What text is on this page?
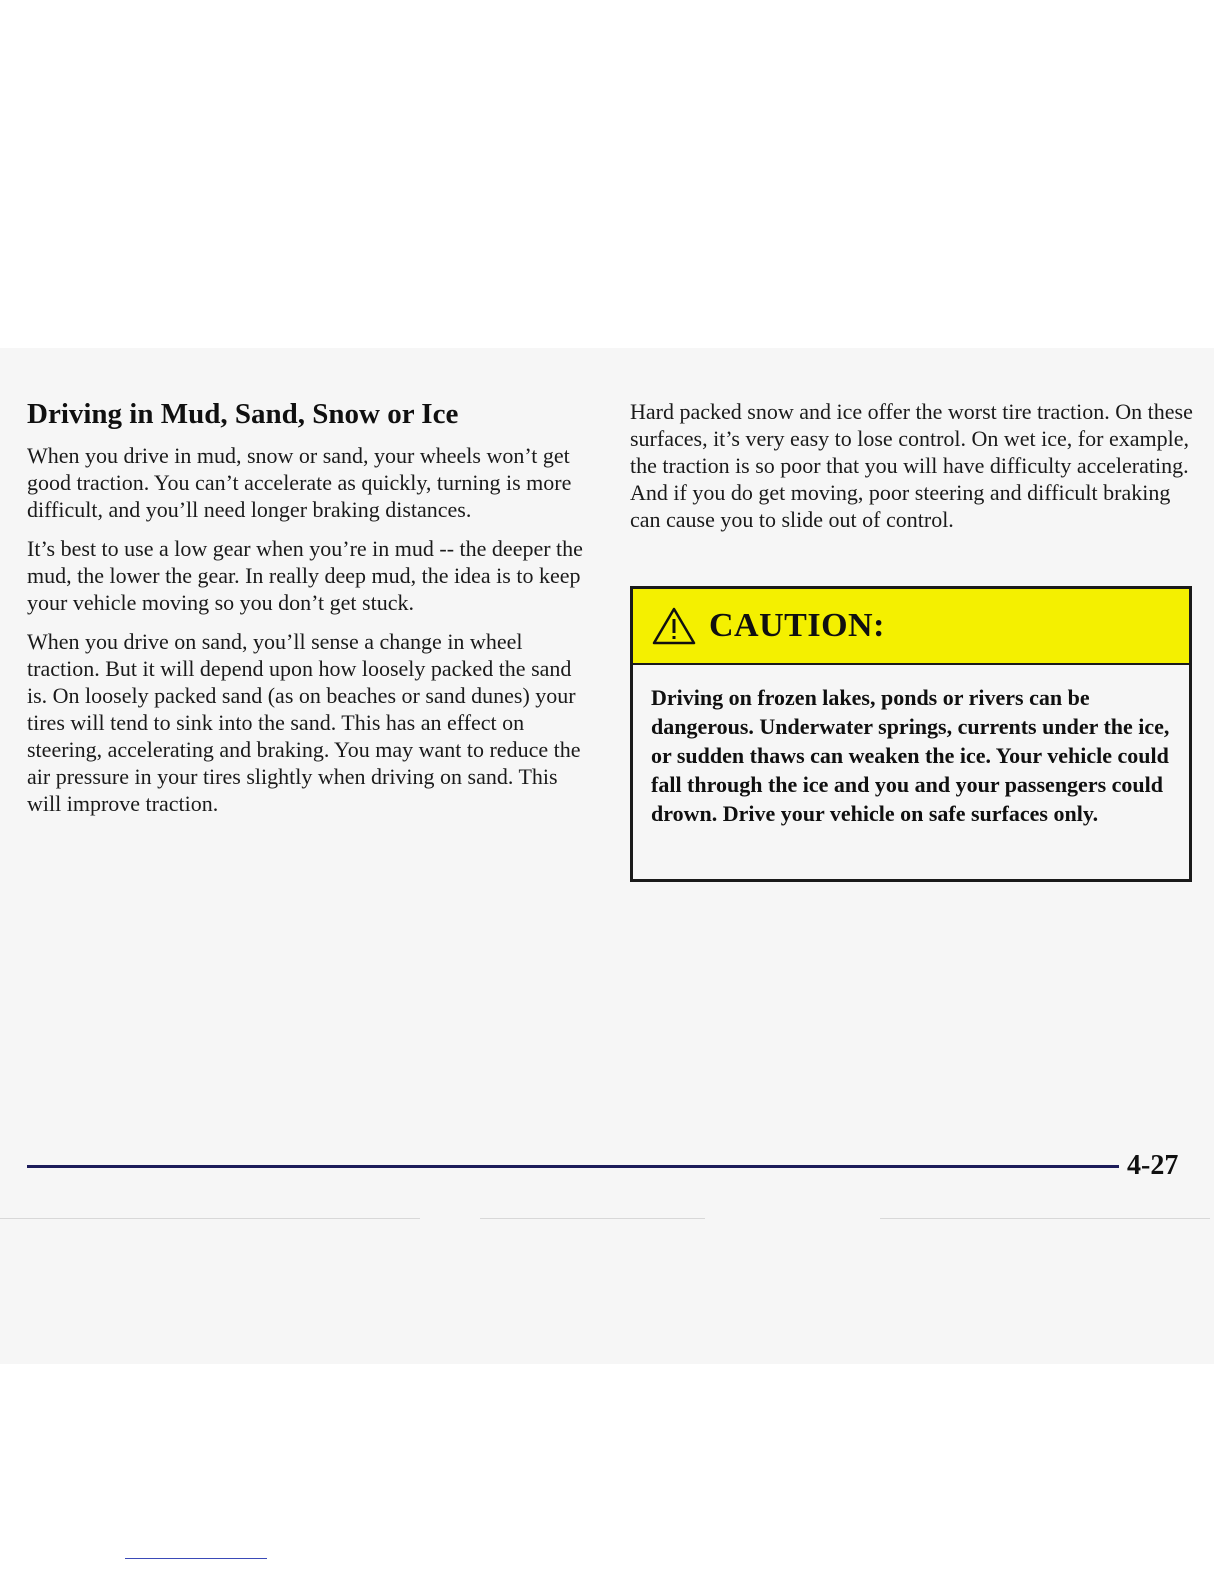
Driving in Mud, Sand, Snow or Ice

When you drive in mud, snow or sand, your wheels won’t get good traction. You can’t accelerate as quickly, turning is more difficult, and you’ll need longer braking distances.

It’s best to use a low gear when you’re in mud -- the deeper the mud, the lower the gear. In really deep mud, the idea is to keep your vehicle moving so you don’t get stuck.

When you drive on sand, you’ll sense a change in wheel traction. But it will depend upon how loosely packed the sand is. On loosely packed sand (as on beaches or sand dunes) your tires will tend to sink into the sand. This has an effect on steering, accelerating and braking. You may want to reduce the air pressure in your tires slightly when driving on sand. This will improve traction.

Hard packed snow and ice offer the worst tire traction. On these surfaces, it’s very easy to lose control. On wet ice, for example, the traction is so poor that you will have difficulty accelerating. And if you do get moving, poor steering and difficult braking can cause you to slide out of control.

CAUTION:

Driving on frozen lakes, ponds or rivers can be dangerous. Underwater springs, currents under the ice, or sudden thaws can weaken the ice. Your vehicle could fall through the ice and you and your passengers could drown. Drive your vehicle on safe surfaces only.

4-27
